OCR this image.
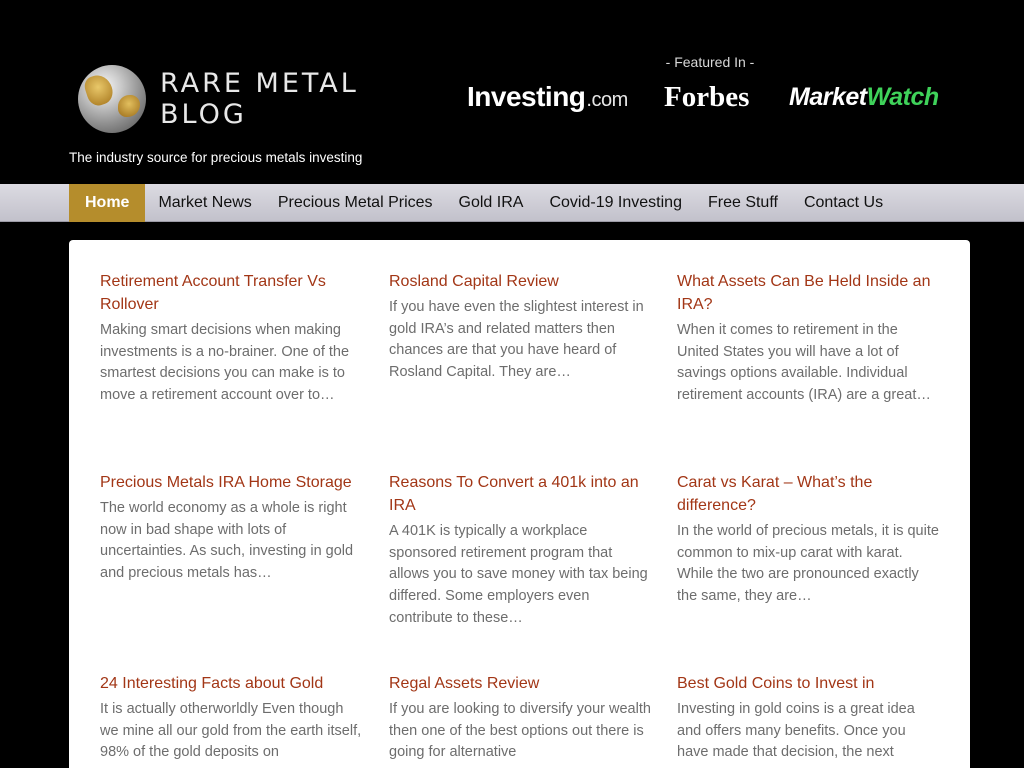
RARE METAL
BLOG
The industry source for precious metals investing
- Featured In -
Investing .com Forbes Market Watch
Home	Market News	Precious Metal Prices	Gold IRA	Covid-19 Investing	Free Stuff	Contact Us
Retirement Account Transfer Vs Rollover

Making smart decisions when making investments is a no-brainer. One of the smartest decisions you can make is to move a retirement account over to…

Rosland Capital Review

If you have even the slightest interest in gold IRA’s and related matters then chances are that you have heard of Rosland Capital. They are…

What Assets Can Be Held Inside an IRA?

When it comes to retirement in the United States you will have a lot of savings options available. Individual retirement accounts (IRA) are a great…

Precious Metals IRA Home Storage

The world economy as a whole is right now in bad shape with lots of uncertainties. As such, investing in gold and precious metals has…

Reasons To Convert a 401k into an IRA

A 401K is typically a workplace sponsored retirement program that allows you to save money with tax being differed. Some employers even contribute to these…

Carat vs Karat – What’s the difference?

In the world of precious metals, it is quite common to mix-up carat with karat. While the two are pronounced exactly the same, they are…

24 Interesting Facts about Gold

It is actually otherworldly Even though we mine all our gold from the earth itself, 98% of the gold deposits on

Regal Assets Review

If you are looking to diversify your wealth then one of the best options out there is going for alternative

Best Gold Coins to Invest in

Investing in gold coins is a great idea and offers many benefits. Once you have made that decision, the next
